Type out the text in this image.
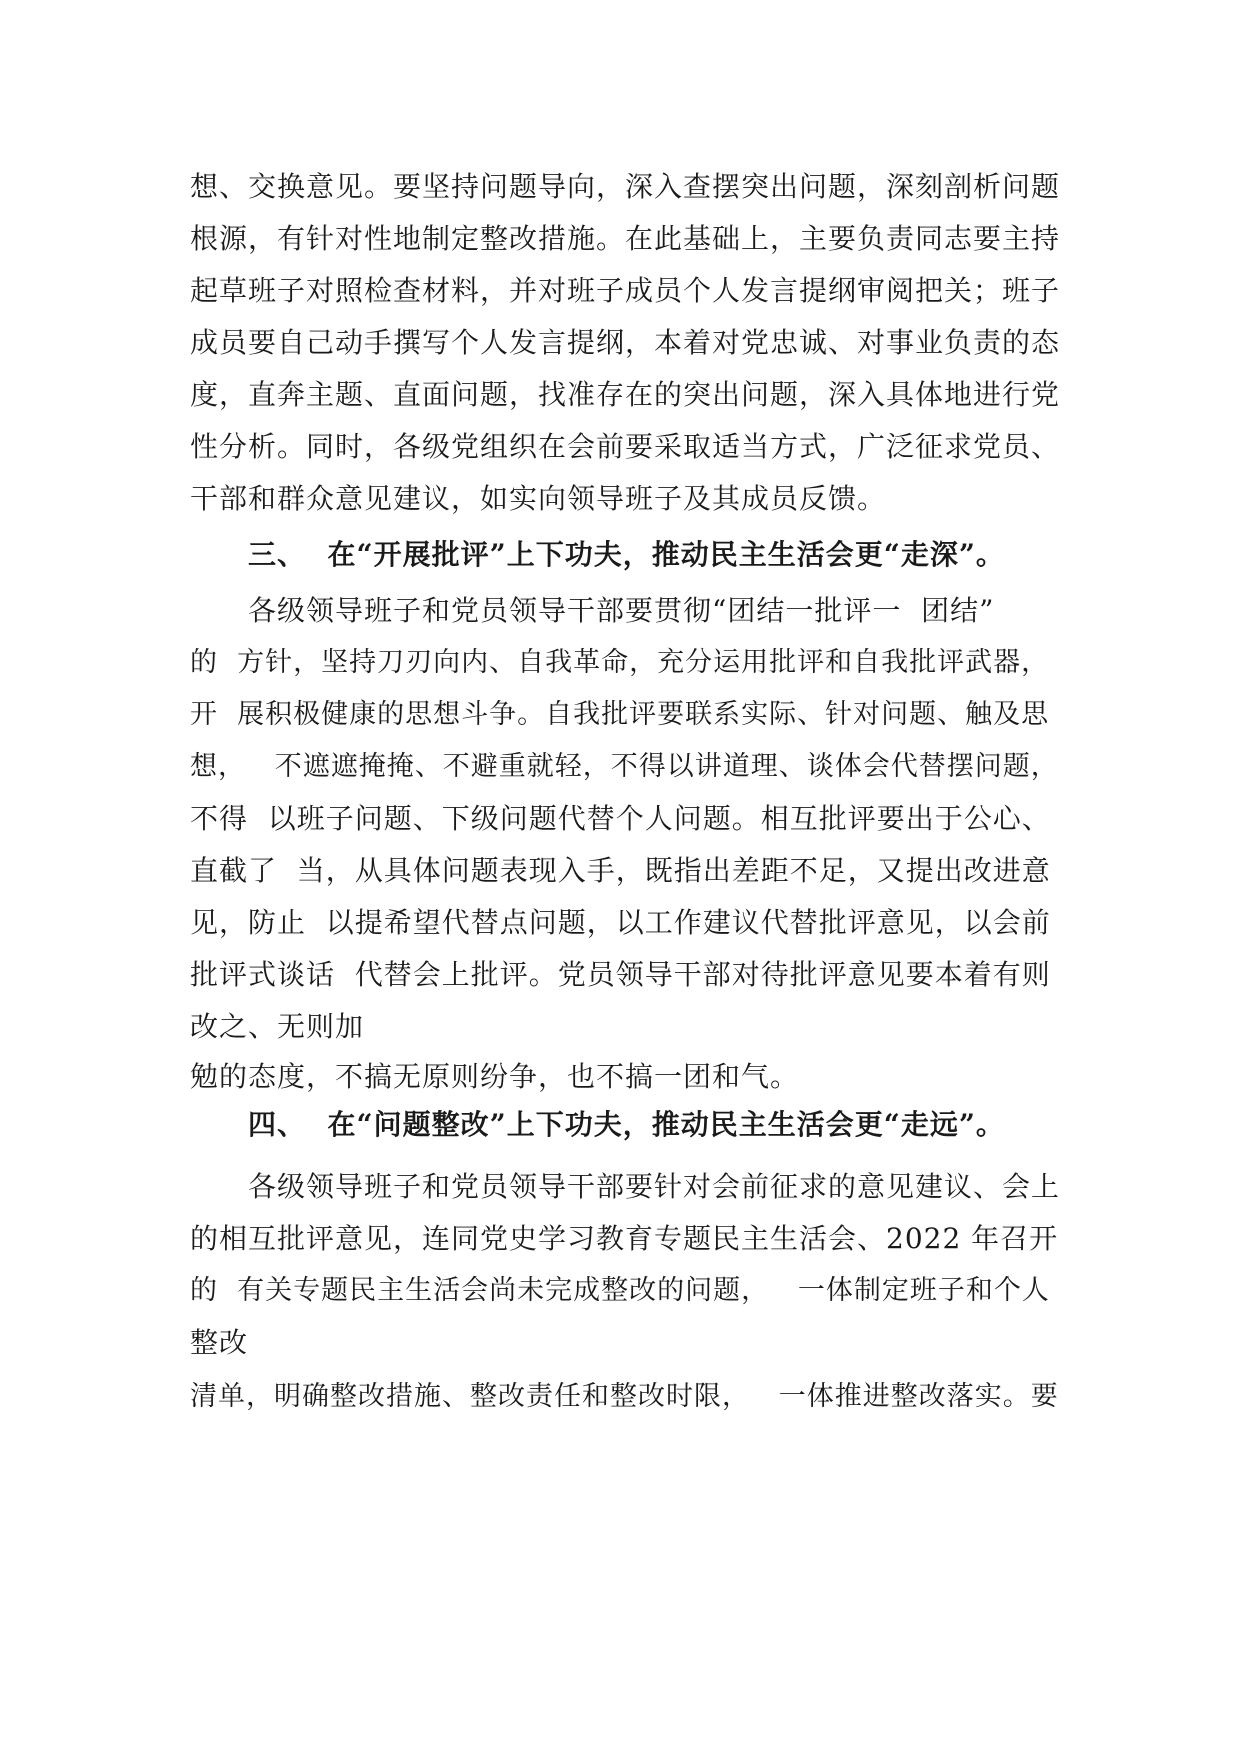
想、交换意见。要坚持问题导向，深入查摆突出问题，深刻剖析问题
根源，有针对性地制定整改措施。在此基础上，主要负责同志要主持
起草班子对照检查材料，并对班子成员个人发言提纲审阅把关；班子
成员要自己动手撰写个人发言提纲，本着对党忠诚、对事业负责的态
度，直奔主题、直面问题，找准存在的突出问题，深入具体地进行党
性分析。同时，各级党组织在会前要采取适当方式，广泛征求党员、
干部和群众意见建议，如实向领导班子及其成员反馈。
三、  在“开展批评”上下功夫，推动民主生活会更“走深”。
各级领导班子和党员领导干部要贯彻“团结一批评一  团结”
的  方针，坚持刀刃向内、自我革命，充分运用批评和自我批评武器，
开  展积极健康的思想斗争。自我批评要联系实际、针对问题、触及思
想，   不遮遮掩掩、不避重就轻，不得以讲道理、谈体会代替摆问题，
不得  以班子问题、下级问题代替个人问题。相互批评要出于公心、
直截了  当，从具体问题表现入手，既指出差距不足，又提出改进意
见，防止  以提希望代替点问题，以工作建议代替批评意见，以会前
批评式谈话  代替会上批评。党员领导干部对待批评意见要本着有则
改之、无则加
勉的态度，不搞无原则纷争，也不搞一团和气。
四、  在“问题整改”上下功夫，推动民主生活会更“走远”。
各级领导班子和党员领导干部要针对会前征求的意见建议、会上
的相互批评意见，连同党史学习教育专题民主生活会、2022 年召开
的  有关专题民主生活会尚未完成整改的问题，   一体制定班子和个人
整改
清单，明确整改措施、整改责任和整改时限，   一体推进整改落实。要
